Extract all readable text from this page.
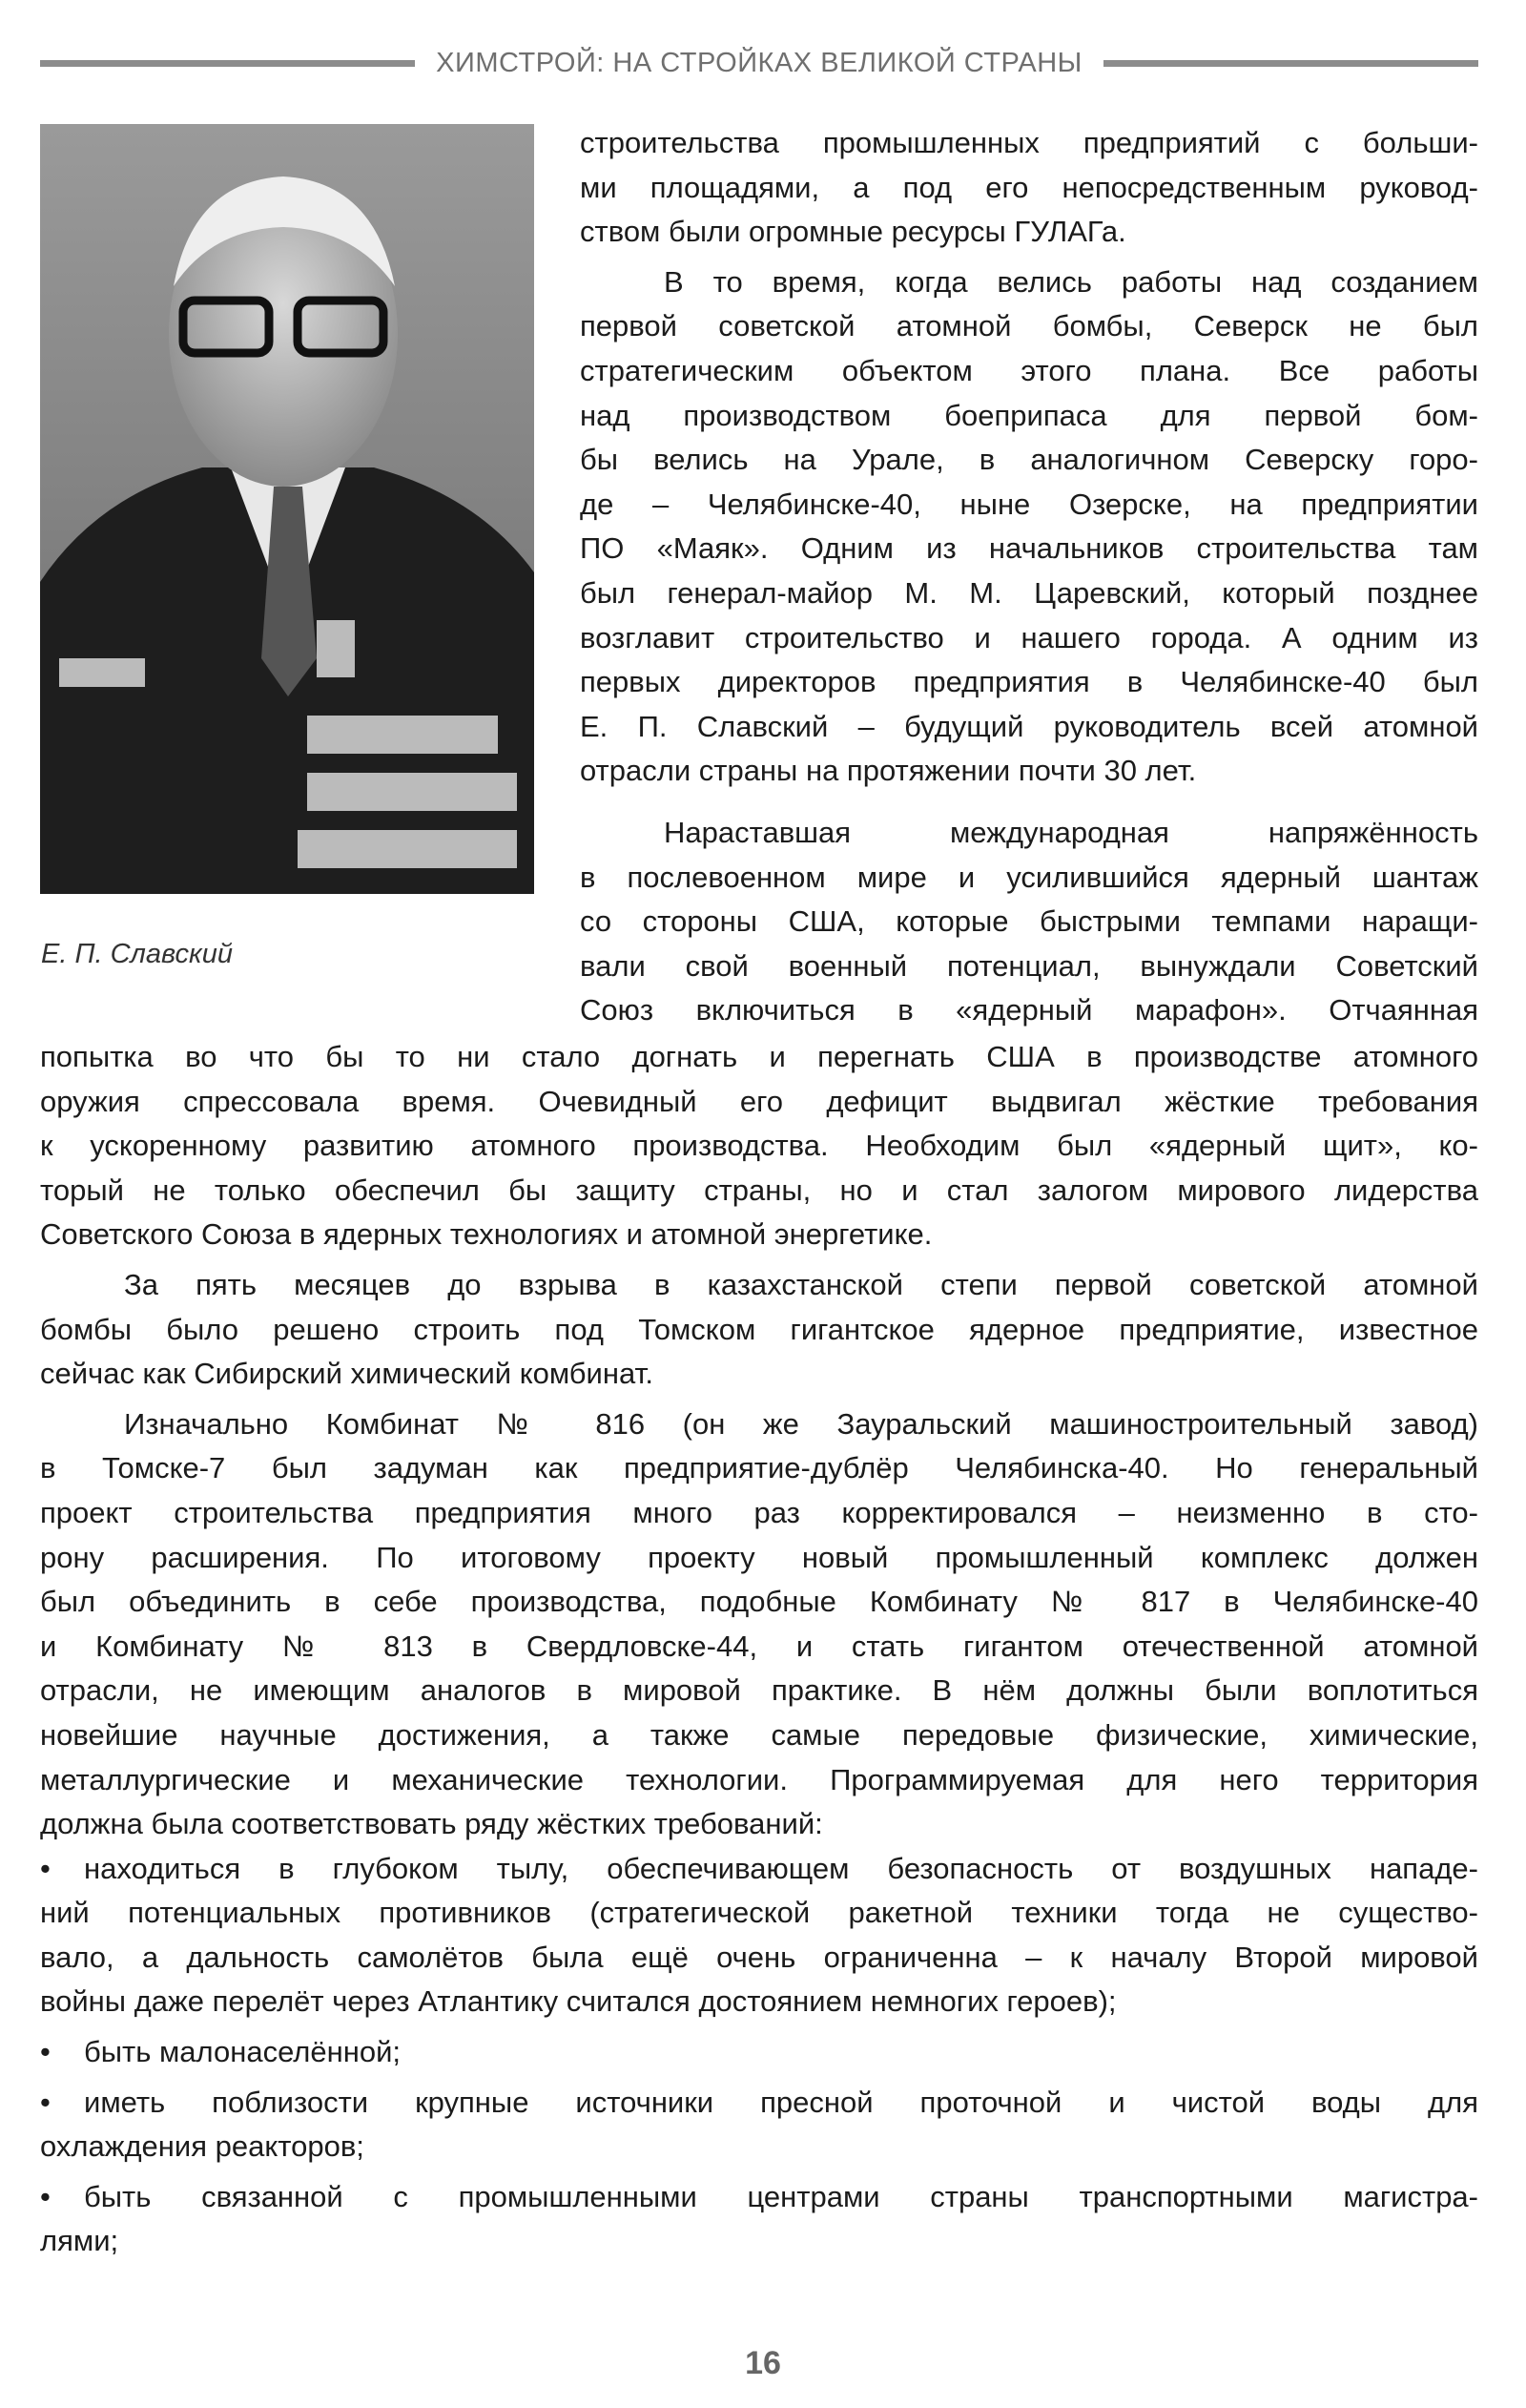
ХИМСТРОЙ: НА СТРОЙКАХ ВЕЛИКОЙ СТРАНЫ
Е. П. Славский
строительства промышленных предприятий с больши-
ми площадями, а под его непосредственным руковод-
ством были огромные ресурсы ГУЛАГа.
В то время, когда велись работы над созданием
первой советской атомной бомбы, Северск не был
стратегическим объектом этого плана. Все работы
над производством боеприпаса для первой бом-
бы велись на Урале, в аналогичном Северску горо-
де – Челябинске-40, ныне Озерске, на предприятии
ПО «Маяк». Одним из начальников строительства там
был генерал-майор М. М. Царевский, который позднее
возглавит строительство и нашего города. А одним из
первых директоров предприятия в Челябинске-40 был
Е. П. Славский – будущий руководитель всей атомной
отрасли страны на протяжении почти 30 лет.
Нараставшая международная напряжённость
в послевоенном мире и усилившийся ядерный шантаж
со стороны США, которые быстрыми темпами наращи-
вали свой военный потенциал, вынуждали Советский
Союз включиться в «ядерный марафон». Отчаянная
попытка во что бы то ни стало догнать и перегнать США в производстве атомного
оружия спрессовала время. Очевидный его дефицит выдвигал жёсткие требования
к ускоренному развитию атомного производства. Необходим был «ядерный щит», ко-
торый не только обеспечил бы защиту страны, но и стал залогом мирового лидерства
Советского Союза в ядерных технологиях и атомной энергетике.
За пять месяцев до взрыва в казахстанской степи первой советской атомной
бомбы было решено строить под Томском гигантское ядерное предприятие, известное
сейчас как Сибирский химический комбинат.
Изначально Комбинат № 816 (он же Зауральский машиностроительный завод)
в Томске-7 был задуман как предприятие-дублёр Челябинска-40. Но генеральный
проект строительства предприятия много раз корректировался – неизменно в сто-
рону расширения. По итоговому проекту новый промышленный комплекс должен
был объединить в себе производства, подобные Комбинату № 817 в Челябинске-40
и Комбинату № 813 в Свердловске-44, и стать гигантом отечественной атомной
отрасли, не имеющим аналогов в мировой практике. В нём должны были воплотиться
новейшие научные достижения, а также самые передовые физические, химические,
металлургические и механические технологии. Программируемая для него территория
должна была соответствовать ряду жёстких требований:
• находиться в глубоком тылу, обеспечивающем безопасность от воздушных нападе-
ний потенциальных противников (стратегической ракетной техники тогда не существо-
вало, а дальность самолётов была ещё очень ограниченна – к началу Второй мировой
войны даже перелёт через Атлантику считался достоянием немногих героев);
• быть малонаселённой;
• иметь поблизости крупные источники пресной проточной и чистой воды для
охлаждения реакторов;
• быть связанной с промышленными центрами страны транспортными магистра-
лями;
16
